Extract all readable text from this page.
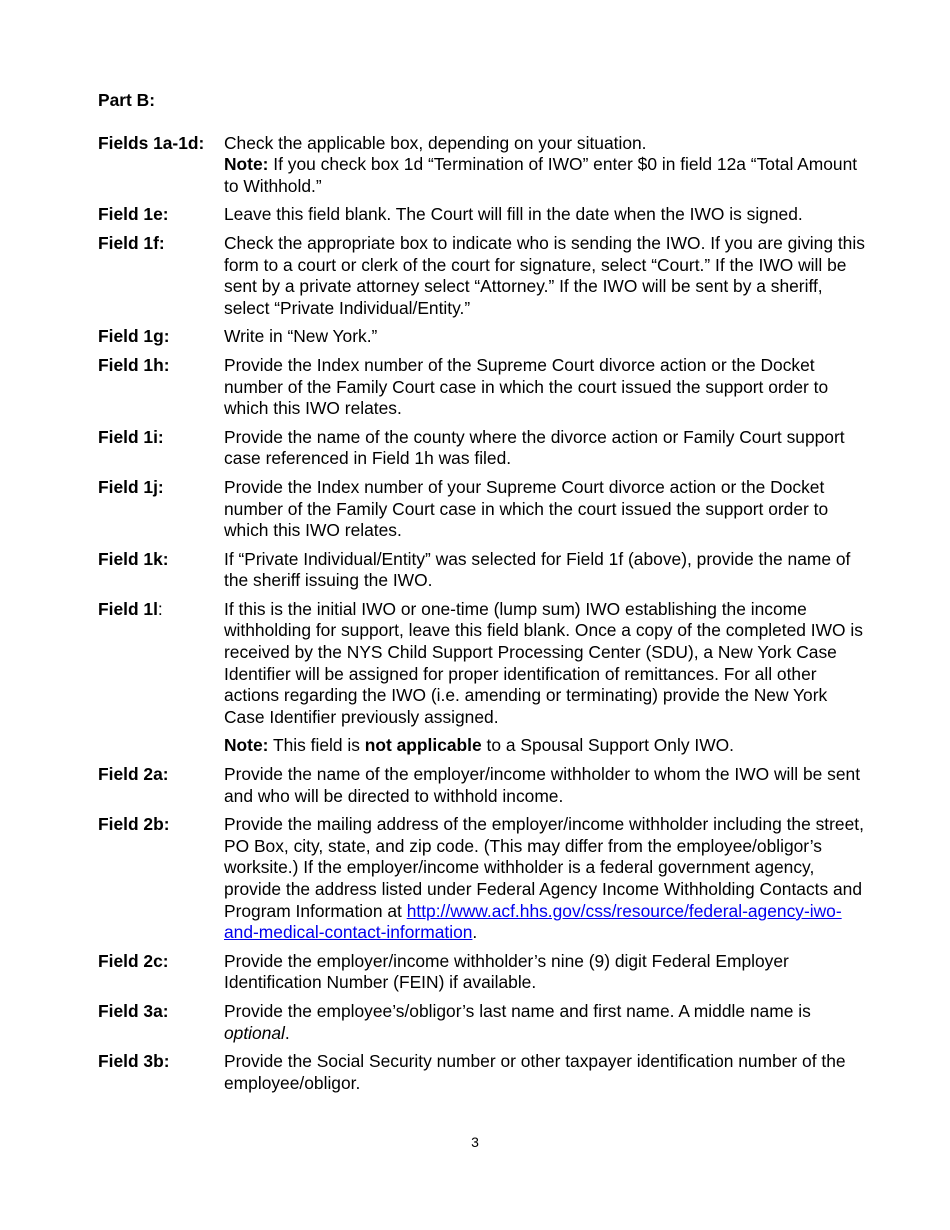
Part B:
Fields 1a-1d:	Check the applicable box, depending on your situation.
Note: If you check box 1d “Termination of IWO” enter $0 in field 12a “Total Amount to Withhold.”
Field 1e:	Leave this field blank. The Court will fill in the date when the IWO is signed.
Field 1f:	Check the appropriate box to indicate who is sending the IWO. If you are giving this form to a court or clerk of the court for signature, select “Court.” If the IWO will be sent by a private attorney select “Attorney.” If the IWO will be sent by a sheriff, select “Private Individual/Entity.”
Field 1g:	Write in “New York.”
Field 1h:	Provide the Index number of the Supreme Court divorce action or the Docket number of the Family Court case in which the court issued the support order to which this IWO relates.
Field 1i:	Provide the name of the county where the divorce action or Family Court support case referenced in Field 1h was filed.
Field 1j:	Provide the Index number of your Supreme Court divorce action or the Docket number of the Family Court case in which the court issued the support order to which this IWO relates.
Field 1k:	If “Private Individual/Entity” was selected for Field 1f (above), provide the name of the sheriff issuing the IWO.
Field 1l:	If this is the initial IWO or one-time (lump sum) IWO establishing the income withholding for support, leave this field blank. Once a copy of the completed IWO is received by the NYS Child Support Processing Center (SDU), a New York Case Identifier will be assigned for proper identification of remittances. For all other actions regarding the IWO (i.e. amending or terminating) provide the New York Case Identifier previously assigned.
Note: This field is not applicable to a Spousal Support Only IWO.
Field 2a:	Provide the name of the employer/income withholder to whom the IWO will be sent and who will be directed to withhold income.
Field 2b:	Provide the mailing address of the employer/income withholder including the street, PO Box, city, state, and zip code. (This may differ from the employee/obligor’s worksite.) If the employer/income withholder is a federal government agency, provide the address listed under Federal Agency Income Withholding Contacts and Program Information at http://www.acf.hhs.gov/css/resource/federal-agency-iwo-and-medical-contact-information.
Field 2c:	Provide the employer/income withholder’s nine (9) digit Federal Employer Identification Number (FEIN) if available.
Field 3a:	Provide the employee’s/obligor’s last name and first name. A middle name is optional.
Field 3b:	Provide the Social Security number or other taxpayer identification number of the employee/obligor.
3
